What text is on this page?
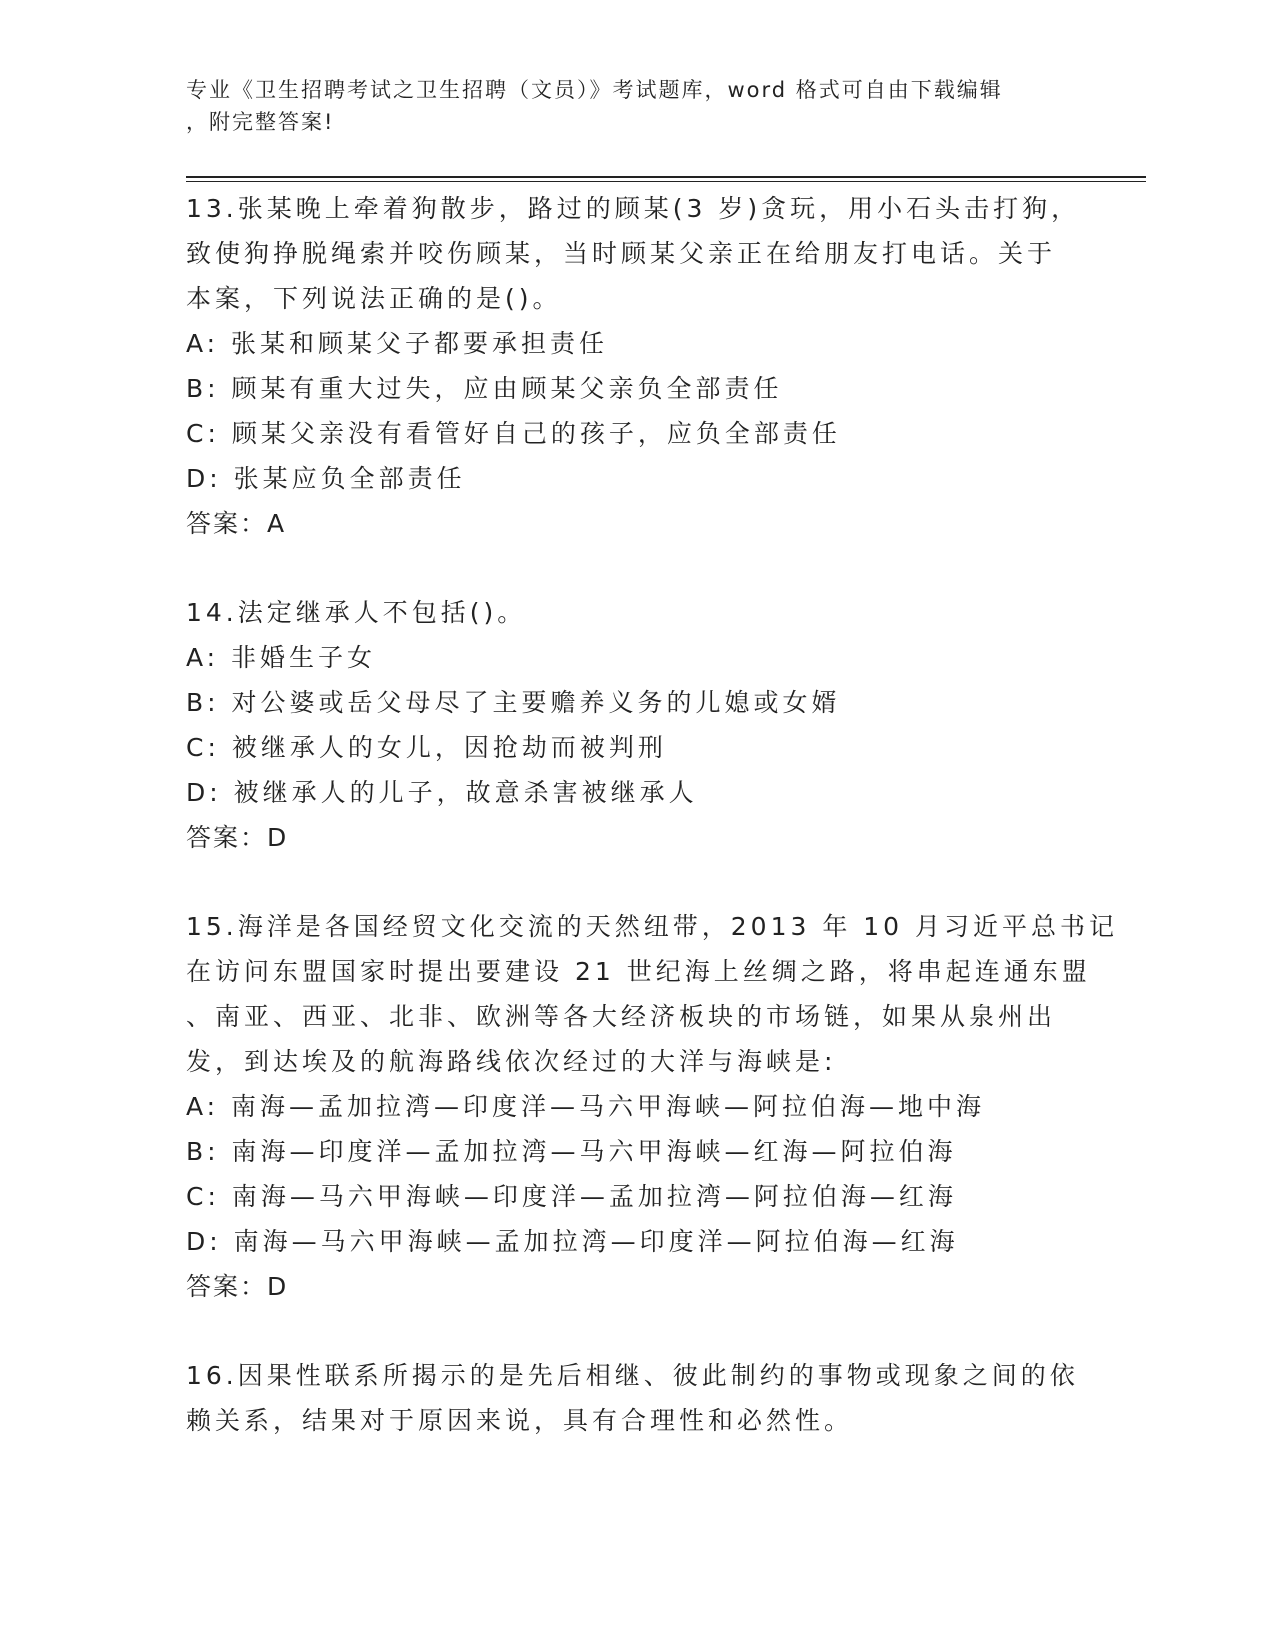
专业《卫生招聘考试之卫生招聘（文员）》考试题库，word 格式可自由下载编辑
，附完整答案!
13.张某晚上牵着狗散步，路过的顾某(3 岁)贪玩，用小石头击打狗，
致使狗挣脱绳索并咬伤顾某，当时顾某父亲正在给朋友打电话。关于
本案，下列说法正确的是()。
A: 张某和顾某父子都要承担责任
B: 顾某有重大过失，应由顾某父亲负全部责任
C: 顾某父亲没有看管好自己的孩子，应负全部责任
D: 张某应负全部责任
答案：A
14.法定继承人不包括()。
A: 非婚生子女
B: 对公婆或岳父母尽了主要赡养义务的儿媳或女婿
C: 被继承人的女儿，因抢劫而被判刑
D: 被继承人的儿子，故意杀害被继承人
答案：D
15.海洋是各国经贸文化交流的天然纽带，2013 年 10 月习近平总书记
在访问东盟国家时提出要建设 21 世纪海上丝绸之路，将串起连通东盟
、南亚、西亚、北非、欧洲等各大经济板块的市场链，如果从泉州出
发，到达埃及的航海路线依次经过的大洋与海峡是:
A: 南海—孟加拉湾—印度洋—马六甲海峡—阿拉伯海—地中海
B: 南海—印度洋—孟加拉湾—马六甲海峡—红海—阿拉伯海
C: 南海—马六甲海峡—印度洋—孟加拉湾—阿拉伯海—红海
D: 南海—马六甲海峡—孟加拉湾—印度洋—阿拉伯海—红海
答案：D
16.因果性联系所揭示的是先后相继、彼此制约的事物或现象之间的依
赖关系，结果对于原因来说，具有合理性和必然性。
